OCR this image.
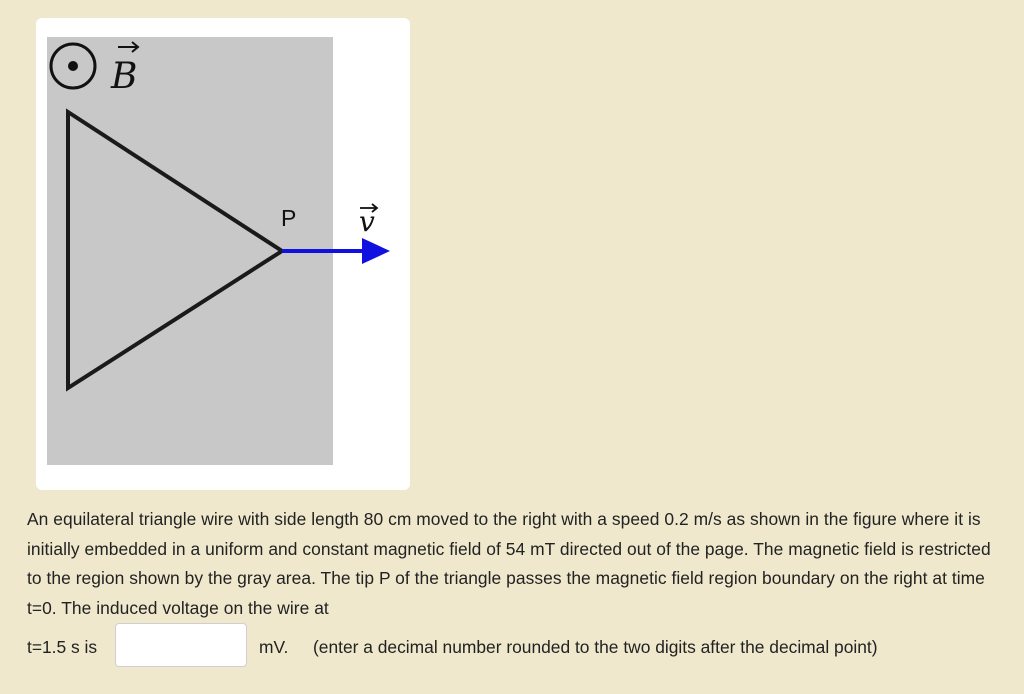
B
P v
An equilateral triangle wire with side length 80 cm moved to the right with a speed 0.2 m/s as shown in the figure where it is initially embedded in a uniform and constant magnetic field of 54 mT directed out of the page. The magnetic field is restricted to the region shown by the gray area. The tip P of the triangle passes the magnetic field region boundary on the right at time t=0. The induced voltage on the wire at
t=1.5 s is	mV. (enter a decimal number rounded to the two digits after the decimal point)
